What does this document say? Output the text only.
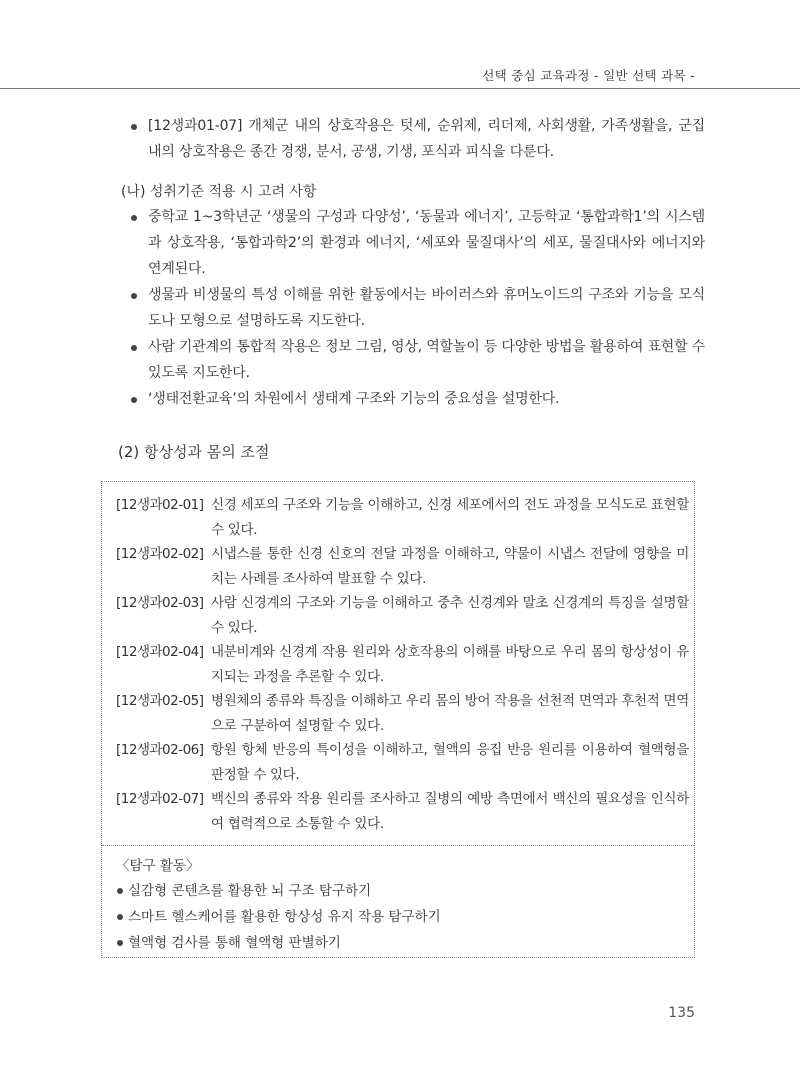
선택 중심 교육과정 - 일반 선택 과목 -
[12생과01-07] 개체군 내의 상호작용은 텃세, 순위제, 리더제, 사회생활, 가족생활을, 군집 내의 상호작용은 종간 경쟁, 분서, 공생, 기생, 포식과 피식을 다룬다.
(나) 성취기준 적용 시 고려 사항
중학교 1~3학년군 ‘생물의 구성과 다양성’, ‘동물과 에너지’, 고등학교 ‘통합과학1’의 시스템과 상호작용, ‘통합과학2’의 환경과 에너지, ‘세포와 물질대사’의 세포, 물질대사와 에너지와 연계된다.
생물과 비생물의 특성 이해를 위한 활동에서는 바이러스와 휴머노이드의 구조와 기능을 모식도나 모형으로 설명하도록 지도한다.
사람 기관계의 통합적 작용은 정보 그림, 영상, 역할놀이 등 다양한 방법을 활용하여 표현할 수 있도록 지도한다.
‘생태전환교육’의 차원에서 생태계 구조와 기능의 중요성을 설명한다.
(2) 항상성과 몸의 조절
[12생과02-01] 신경 세포의 구조와 기능을 이해하고, 신경 세포에서의 전도 과정을 모식도로 표현할 수 있다.
[12생과02-02] 시냅스를 통한 신경 신호의 전달 과정을 이해하고, 약물이 시냅스 전달에 영향을 미치는 사례를 조사하여 발표할 수 있다.
[12생과02-03] 사람 신경계의 구조와 기능을 이해하고 중추 신경계와 말초 신경계의 특징을 설명할 수 있다.
[12생과02-04] 내분비계와 신경계 작용 원리와 상호작용의 이해를 바탕으로 우리 몸의 항상성이 유지되는 과정을 추론할 수 있다.
[12생과02-05] 병원체의 종류와 특징을 이해하고 우리 몸의 방어 작용을 선천적 면역과 후천적 면역으로 구분하여 설명할 수 있다.
[12생과02-06] 항원 항체 반응의 특이성을 이해하고, 혈액의 응집 반응 원리를 이용하여 혈액형을 판정할 수 있다.
[12생과02-07] 백신의 종류와 작용 원리를 조사하고 질병의 예방 측면에서 백신의 필요성을 인식하여 협력적으로 소통할 수 있다.
〈탐구 활동〉
실감형 콘텐츠를 활용한 뇌 구조 탐구하기
스마트 헬스케어를 활용한 항상성 유지 작용 탐구하기
혈액형 검사를 통해 혈액형 판별하기
135
